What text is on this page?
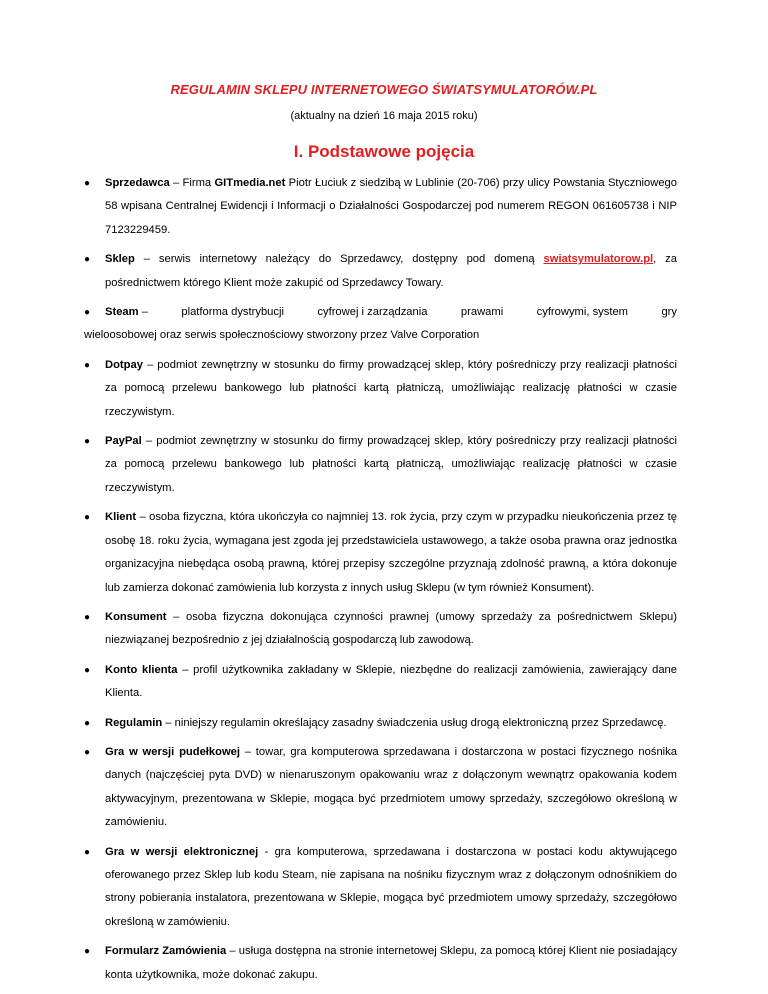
REGULAMIN SKLEPU INTERNETOWEGO ŚWIATSYMULATORÓW.PL
(aktualny na dzień 16 maja 2015 roku)
I. Podstawowe pojęcia
● Sprzedawca – Firma GITmedia.net Piotr Łuciuk z siedzibą w Lublinie (20-706) przy ulicy Powstania Styczniowego 58 wpisana Centralnej Ewidencji i Informacji o Działalności Gospodarczej pod numerem REGON 061605738 i NIP 7123229459.
● Sklep – serwis internetowy należący do Sprzedawcy, dostępny pod domeną swiatsymulatorow.pl, za pośrednictwem którego Klient może zakupić od Sprzedawcy Towary.
● Steam –	platforma dystrybucji	cyfrowej i zarządzania	prawami	cyfrowymi, system	gry
wieloosobowej oraz serwis społecznościowy stworzony przez Valve Corporation
● Dotpay – podmiot zewnętrzny w stosunku do firmy prowadzącej sklep, który pośredniczy przy realizacji płatności za pomocą przelewu bankowego lub płatności kartą płatniczą, umożliwiając realizację płatności w czasie rzeczywistym.
● PayPal – podmiot zewnętrzny w stosunku do firmy prowadzącej sklep, który pośredniczy przy realizacji płatności za pomocą przelewu bankowego lub płatności kartą płatniczą, umożliwiając realizację płatności w czasie rzeczywistym.
● Klient – osoba fizyczna, która ukończyła co najmniej 13. rok życia, przy czym w przypadku nieukończenia przez tę osobę 18. roku życia, wymagana jest zgoda jej przedstawiciela ustawowego, a także osoba prawna oraz jednostka organizacyjna niebędąca osobą prawną, której przepisy szczególne przyznają zdolność prawną, a która dokonuje lub zamierza dokonać zamówienia lub korzysta z innych usług Sklepu (w tym również Konsument).
● Konsument – osoba fizyczna dokonująca czynności prawnej (umowy sprzedaży za pośrednictwem Sklepu) niezwiązanej bezpośrednio z jej działalnością gospodarczą lub zawodową.
● Konto klienta – profil użytkownika zakładany w Sklepie, niezbędne do realizacji zamówienia, zawierający dane Klienta.
● Regulamin – niniejszy regulamin określający zasadny świadczenia usług drogą elektroniczną przez Sprzedawcę.
● Gra w wersji pudełkowej – towar, gra komputerowa sprzedawana i dostarczona w postaci fizycznego nośnika danych (najczęściej pyta DVD) w nienaruszonym opakowaniu wraz z dołączonym wewnątrz opakowania kodem aktywacyjnym, prezentowana w Sklepie, mogąca być przedmiotem umowy sprzedaży, szczegółowo określoną w zamówieniu.
● Gra w wersji elektronicznej - gra komputerowa, sprzedawana i dostarczona w postaci kodu aktywującego oferowanego przez Sklep lub kodu Steam, nie zapisana na nośniku fizycznym wraz z dołączonym odnośnikiem do strony pobierania instalatora, prezentowana w Sklepie, mogąca być przedmiotem umowy sprzedaży, szczegółowo określoną w zamówieniu.
● Formularz Zamówienia – usługa dostępna na stronie internetowej Sklepu, za pomocą której Klient nie posiadający konta użytkownika, może dokonać zakupu.
